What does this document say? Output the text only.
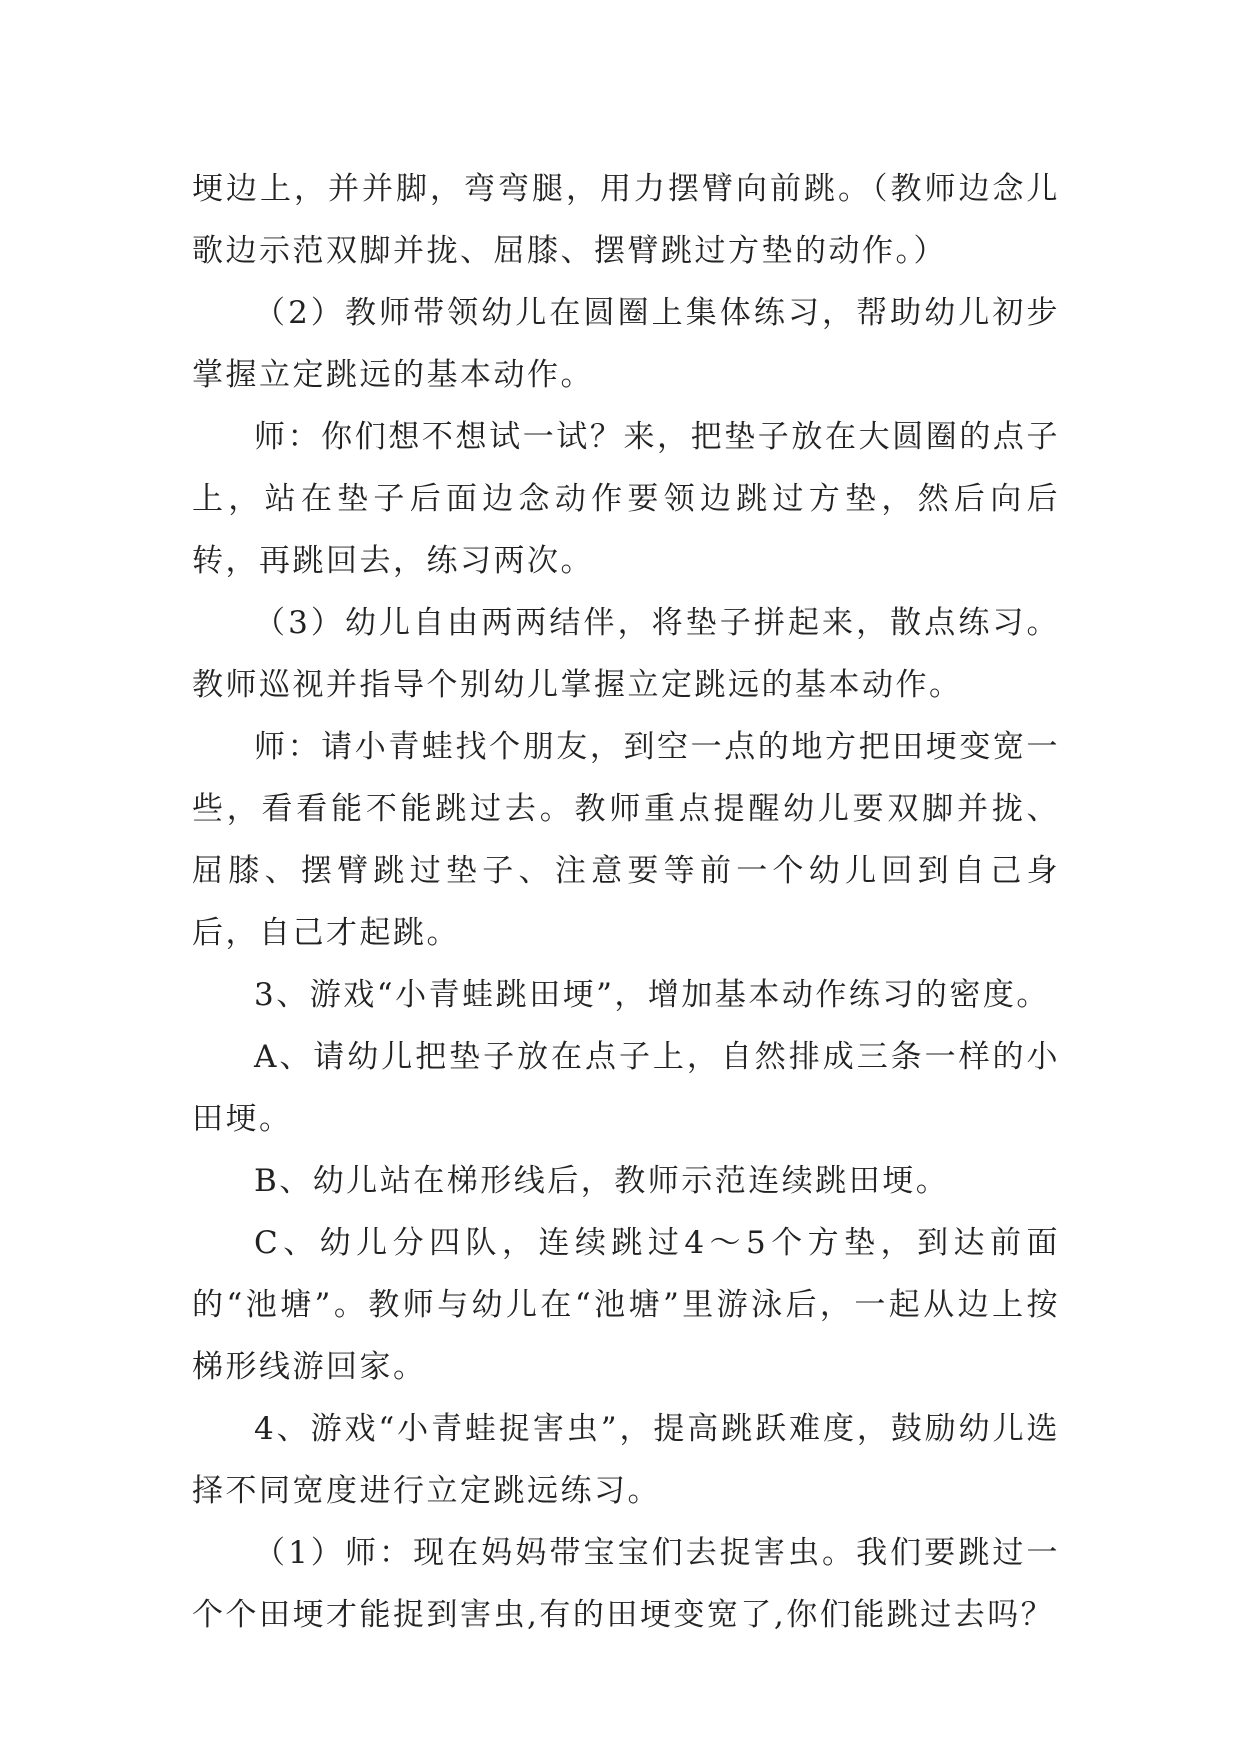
埂边上，并并脚，弯弯腿，用力摆臂向前跳。（教师边念儿歌边示范双脚并拢、屈膝、摆臂跳过方垫的动作。）

（2）教师带领幼儿在圆圈上集体练习，帮助幼儿初步掌握立定跳远的基本动作。

师：你们想不想试一试？来，把垫子放在大圆圈的点子上，站在垫子后面边念动作要领边跳过方垫，然后向后转，再跳回去，练习两次。

（3）幼儿自由两两结伴，将垫子拼起来，散点练习。教师巡视并指导个别幼儿掌握立定跳远的基本动作。

师：请小青蛙找个朋友，到空一点的地方把田埂变宽一些，看看能不能跳过去。教师重点提醒幼儿要双脚并拢、屈膝、摆臂跳过垫子、注意要等前一个幼儿回到自己身后，自己才起跳。

3、游戏“小青蛙跳田埂”，增加基本动作练习的密度。

A、请幼儿把垫子放在点子上，自然排成三条一样的小田埂。

B、幼儿站在梯形线后，教师示范连续跳田埂。

C、幼儿分四队，连续跳过4～5个方垫，到达前面的“池塘”。教师与幼儿在“池塘”里游泳后，一起从边上按梯形线游回家。

4、游戏“小青蛙捉害虫”，提高跳跃难度，鼓励幼儿选择不同宽度进行立定跳远练习。

（1）师：现在妈妈带宝宝们去捉害虫。我们要跳过一个个田埂才能捉到害虫,有的田埂变宽了,你们能跳过去吗？
